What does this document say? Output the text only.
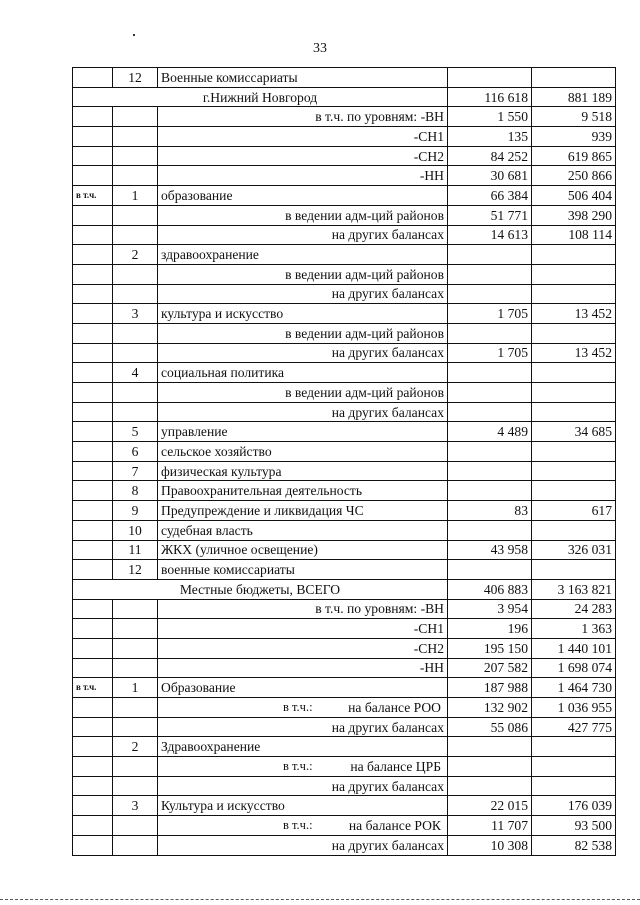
33
	12	Военные комиссариаты		
г.Нижний Новгород			116 618	881 189
		в т.ч. по уровням: -ВН	1 550	9 518
		-СН1	135	939
		-СН2	84 252	619 865
		-НН	30 681	250 866
в т.ч.	1	образование	66 384	506 404
		в ведении адм-ций районов	51 771	398 290
		на других балансах	14 613	108 114
	2	здравоохранение		
		в ведении адм-ций районов		
		на других балансах		
	3	культура и искусство	1 705	13 452
		в ведении адм-ций районов		
		на других балансах	1 705	13 452
	4	социальная политика		
		в ведении адм-ций районов		
		на других балансах		
	5	управление	4 489	34 685
	6	сельское хозяйство		
	7	физическая культура		
	8	Правоохранительная деятельность		
	9	Предупреждение и ликвидация ЧС	83	617
	10	судебная власть		
	11	ЖКХ (уличное освещение)	43 958	326 031
	12	военные комиссариаты		
Местные бюджеты, ВСЕГО			406 883	3 163 821
		в т.ч. по уровням: -ВН	3 954	24 283
		-СН1	196	1 363
		-СН2	195 150	1 440 101
		-НН	207 582	1 698 074
в т.ч.	1	Образование	187 988	1 464 730

		в т.ч.: на балансе РОО	132 902	1 036 955
		на других балансах	55 086	427 775
	2	Здравоохранение		

		в т.ч.: на балансе ЦРБ		

		на других балансах		
	3	Культура и искусство	22 015	176 039

		в т.ч.: на балансе РОК	11 707	93 500
		на других балансах	10 308	82 538
